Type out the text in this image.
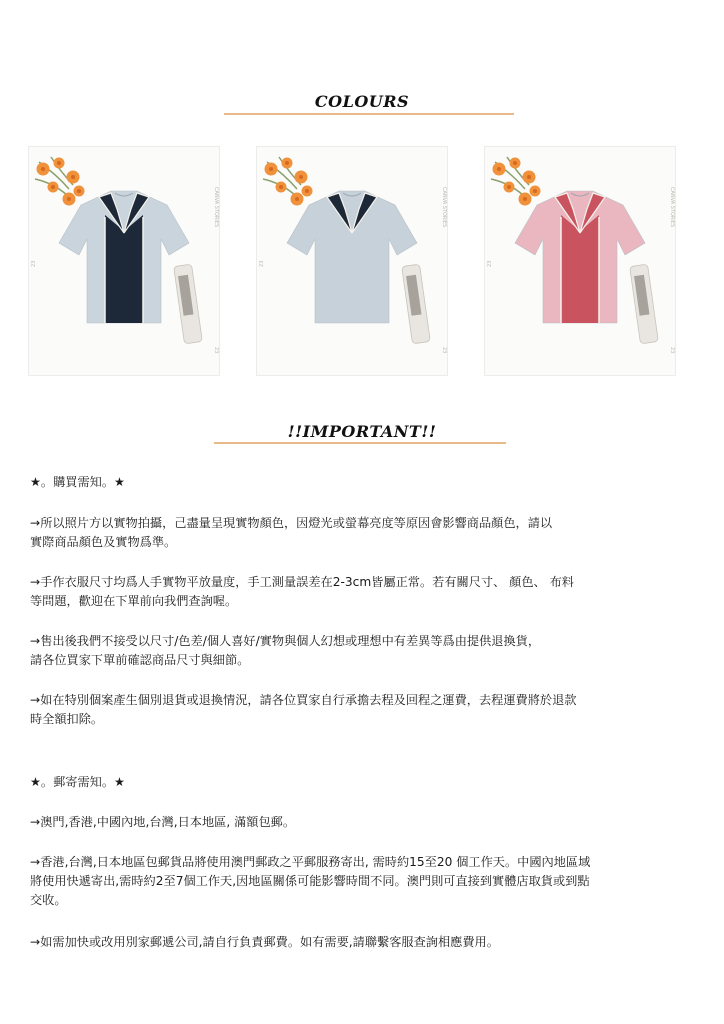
COLOURS
CANVA STORIES
23
23
CANVA STORIES
23
23
CANVA STORIES
23
23
!!IMPORTANT!!
★。購買需知。★
→所以照片方以實物拍攝，己盡量呈現實物顏色，因燈光或螢幕亮度等原因會影響商品顏色，請以
實際商品顏色及實物爲準。
→手作衣服尺寸均爲人手實物平放量度，手工測量誤差在2-3cm皆屬正常。若有關尺寸、 顏色、 布料
等問題，歡迎在下單前向我們查詢喔。
→售出後我們不接受以尺寸/色差/個人喜好/實物與個人幻想或理想中有差異等爲由提供退換貨，
請各位買家下單前確認商品尺寸與細節。
→如在特別個案產生個別退貨或退換情況，請各位買家自行承擔去程及回程之運費，去程運費將於退款
時全額扣除。
★。郵寄需知。★
→澳門,香港,中國內地,台灣,日本地區, 滿額包郵。
→香港,台灣,日本地區包郵貨品將使用澳門郵政之平郵服務寄出, 需時約15至20 個工作天。中國內地區域
將使用快遞寄出,需時約2至7個工作天,因地區關係可能影響時間不同。澳門則可直接到實體店取貨或到點
交收。
→如需加快或改用別家郵遞公司,請自行負責郵費。如有需要,請聯繫客服查詢相應費用。
